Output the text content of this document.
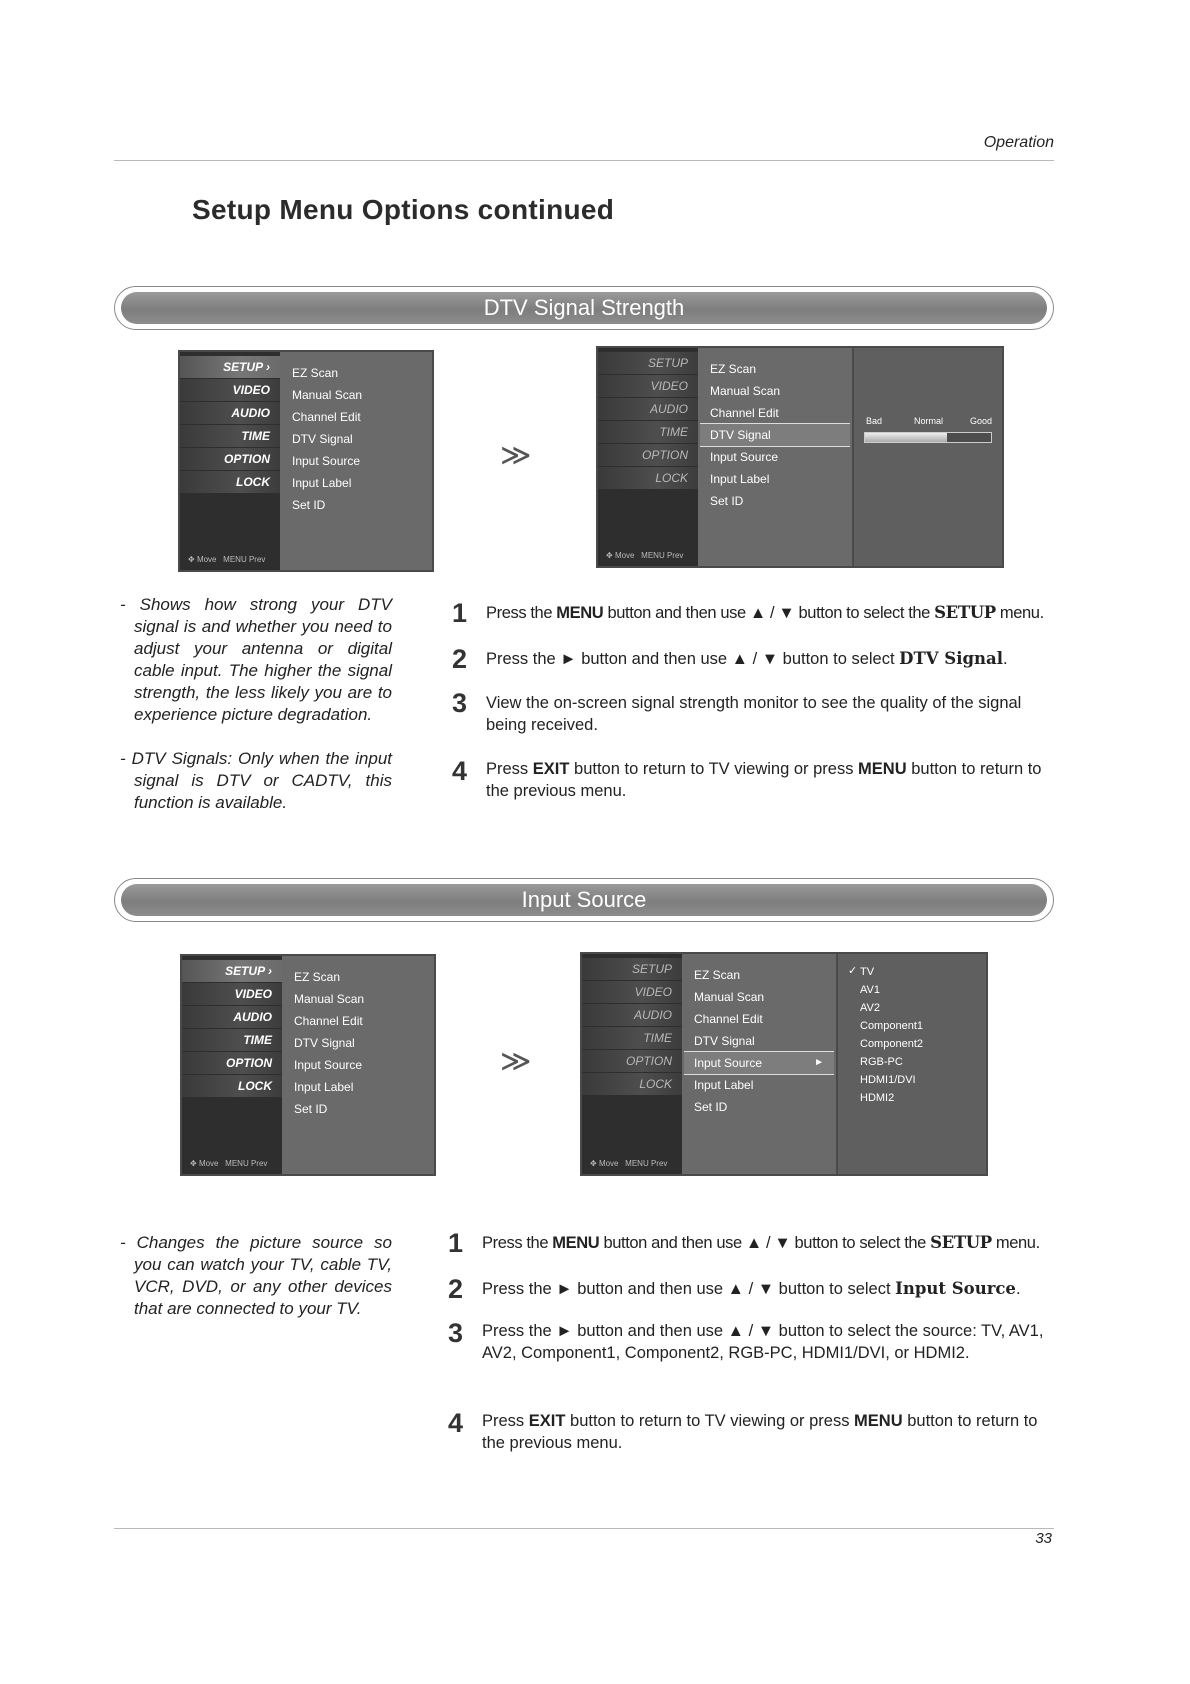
Operation
Setup Menu Options continued
DTV Signal Strength
SETUP ›
VIDEO
AUDIO
TIME
OPTION
LOCK
✥ Move MENU Prev
EZ Scan
Manual Scan
Channel Edit
DTV Signal
Input Source
Input Label
Set ID
≫
SETUP
VIDEO
AUDIO
TIME
OPTION
LOCK
✥ Move MENU Prev
EZ Scan
Manual Scan
Channel Edit
DTV Signal
Input Source
Input Label
Set ID
Bad	Normal	Good

- Shows how strong your DTV signal is and whether you need to adjust your antenna or digital cable input. The higher the signal strength, the less likely you are to experience picture degradation.

- DTV Signals: Only when the input signal is DTV or CADTV, this function is available.

1 Press the MENU button and then use ▲ / ▼ button to select the SETUP menu.
2 Press the ► button and then use ▲ / ▼ button to select DTV Signal.
3 View the on-screen signal strength monitor to see the quality of the signal being received.
4 Press EXIT button to return to TV viewing or press MENU button to return to the previous menu.
Input Source
SETUP ›
VIDEO
AUDIO
TIME
OPTION
LOCK
✥ Move MENU Prev
EZ Scan
Manual Scan
Channel Edit
DTV Signal
Input Source
Input Label
Set ID
≫
SETUP
VIDEO
AUDIO
TIME
OPTION
LOCK
✥ Move MENU Prev
EZ Scan
Manual Scan
Channel Edit
DTV Signal
Input Source	►
Input Label
Set ID
✓ TV
AV1
AV2
Component1
Component2
RGB-PC
HDMI1/DVI
HDMI2

- Changes the picture source so you can watch your TV, cable TV, VCR, DVD, or any other devices that are connected to your TV.

1 Press the MENU button and then use ▲ / ▼ button to select the SETUP menu.
2 Press the ► button and then use ▲ / ▼ button to select Input Source.
3 Press the ► button and then use ▲ / ▼ button to select the source: TV, AV1, AV2, Component1, Component2, RGB-PC, HDMI1/DVI, or HDMI2.
4 Press EXIT button to return to TV viewing or press MENU button to return to the previous menu.
33
